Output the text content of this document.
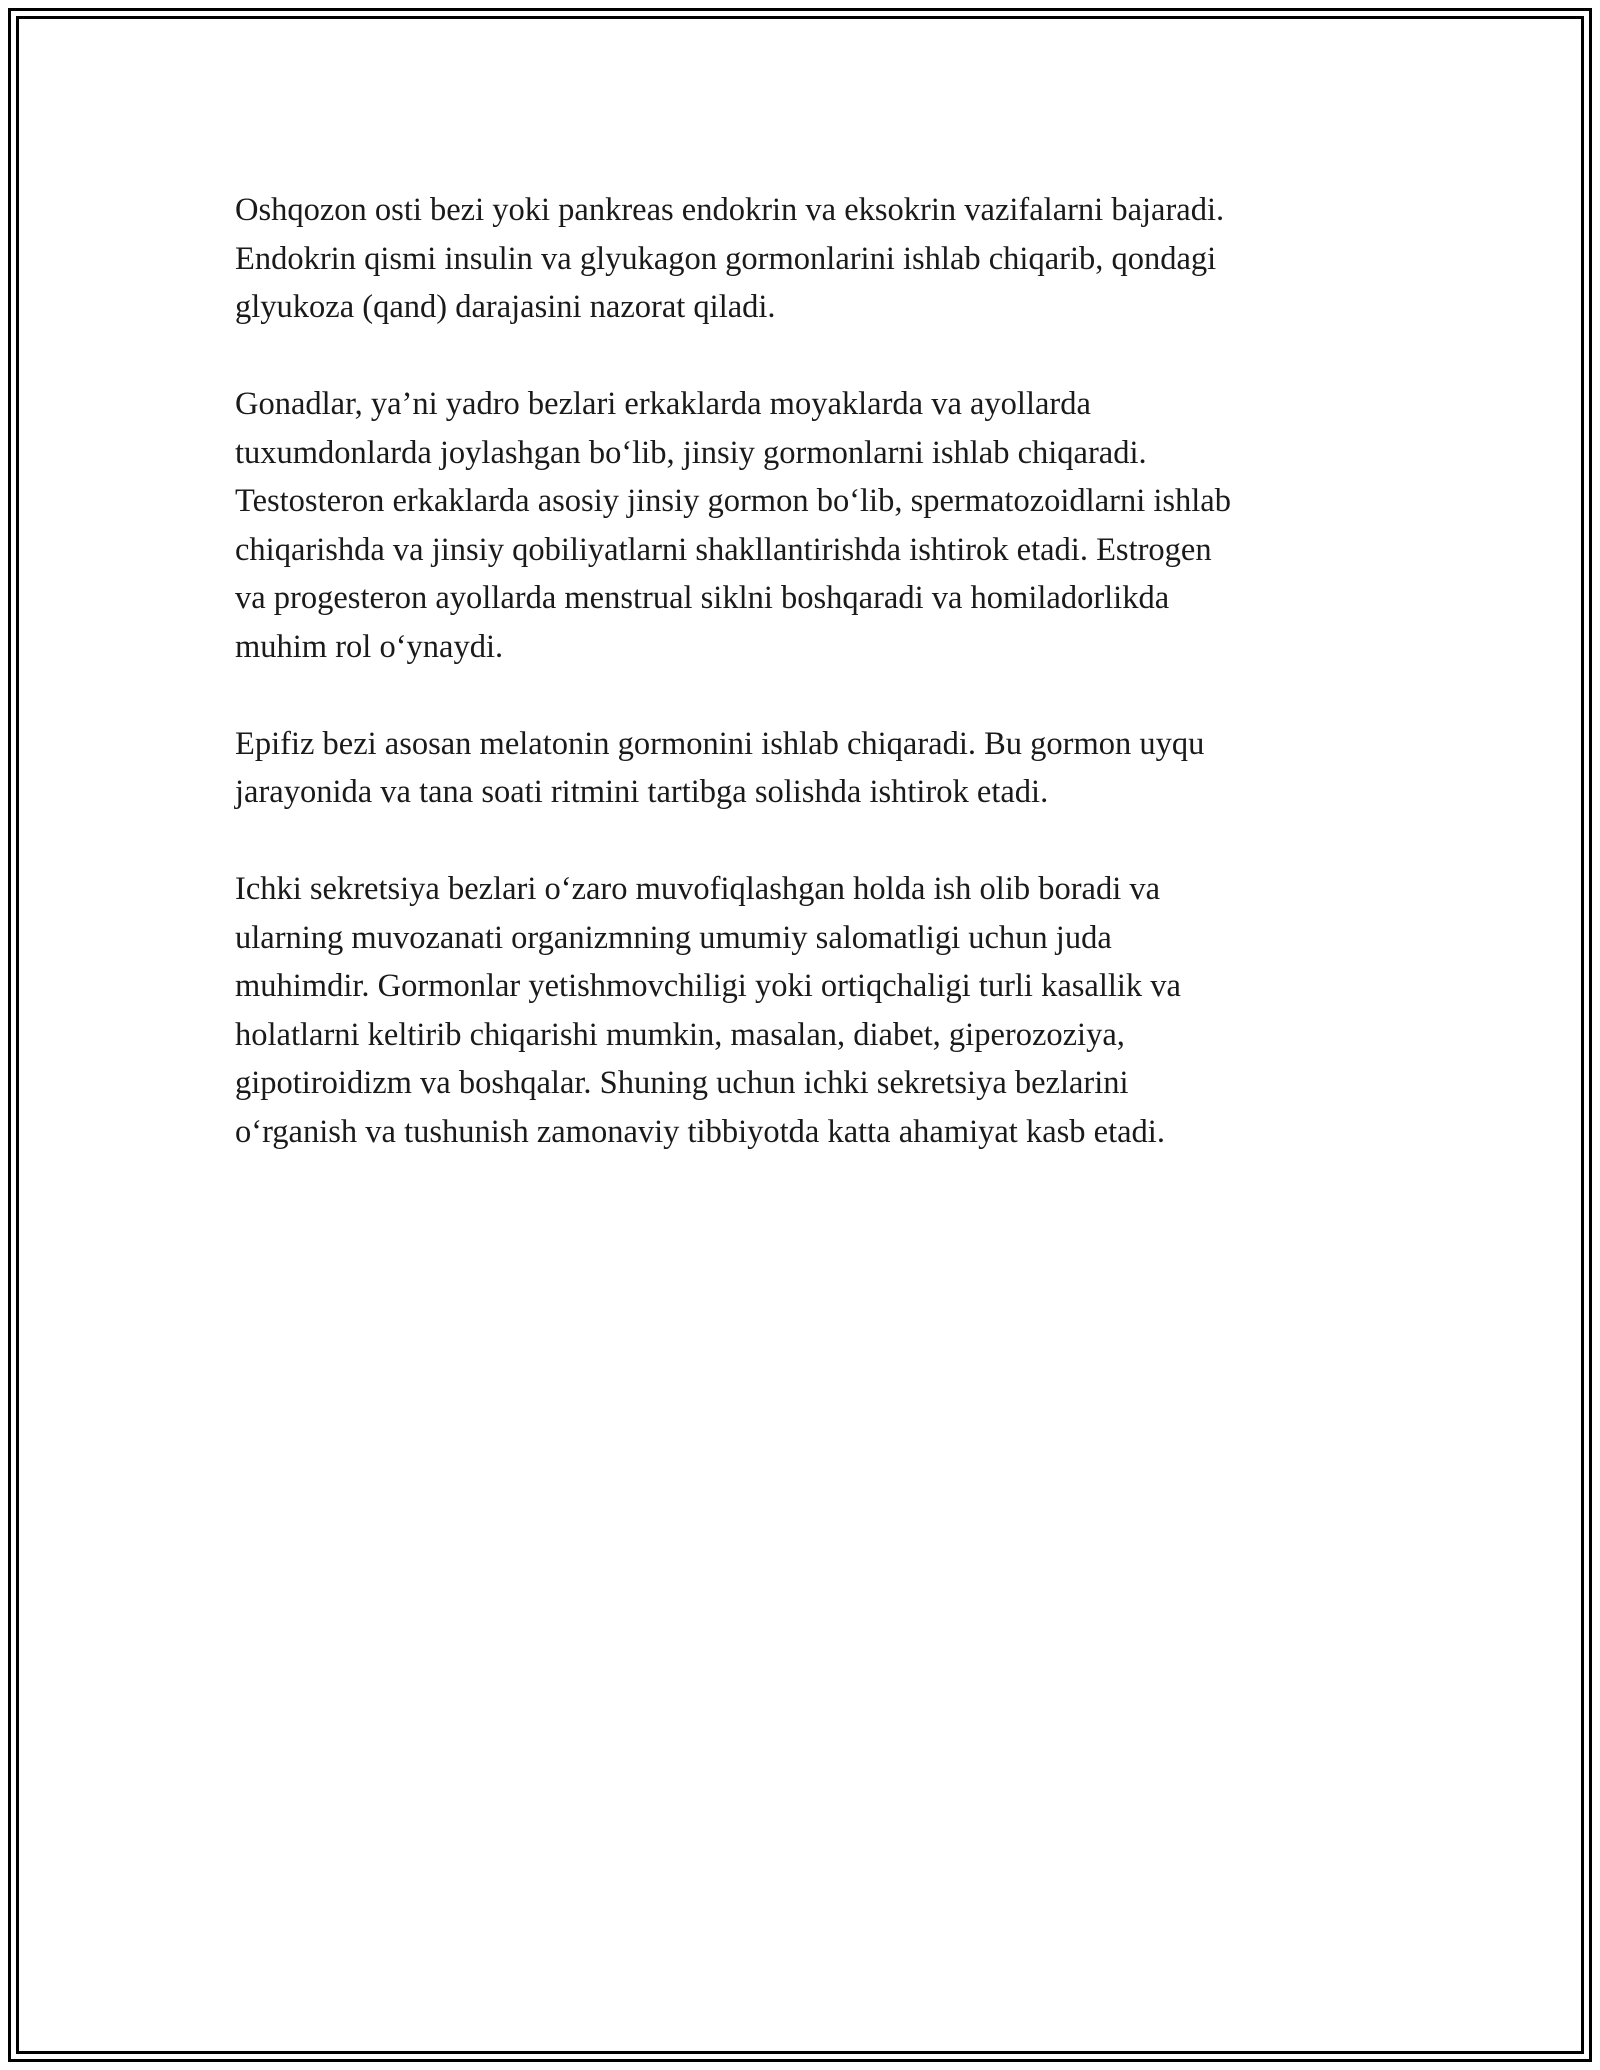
Oshqozon osti bezi yoki pankreas endokrin va eksokrin vazifalarni bajaradi.
Endokrin qismi insulin va glyukagon gormonlarini ishlab chiqarib, qondagi
glyukoza (qand) darajasini nazorat qiladi.

Gonadlar, ya’ni yadro bezlari erkaklarda moyaklarda va ayollarda
tuxumdonlarda joylashgan bo‘lib, jinsiy gormonlarni ishlab chiqaradi.
Testosteron erkaklarda asosiy jinsiy gormon bo‘lib, spermatozoidlarni ishlab
chiqarishda va jinsiy qobiliyatlarni shakllantirishda ishtirok etadi. Estrogen
va progesteron ayollarda menstrual siklni boshqaradi va homiladorlikda
muhim rol o‘ynaydi.

Epifiz bezi asosan melatonin gormonini ishlab chiqaradi. Bu gormon uyqu
jarayonida va tana soati ritmini tartibga solishda ishtirok etadi.

Ichki sekretsiya bezlari o‘zaro muvofiqlashgan holda ish olib boradi va
ularning muvozanati organizmning umumiy salomatligi uchun juda
muhimdir. Gormonlar yetishmovchiligi yoki ortiqchaligi turli kasallik va
holatlarni keltirib chiqarishi mumkin, masalan, diabet, giperozoziya,
gipotiroidizm va boshqalar. Shuning uchun ichki sekretsiya bezlarini
o‘rganish va tushunish zamonaviy tibbiyotda katta ahamiyat kasb etadi.
